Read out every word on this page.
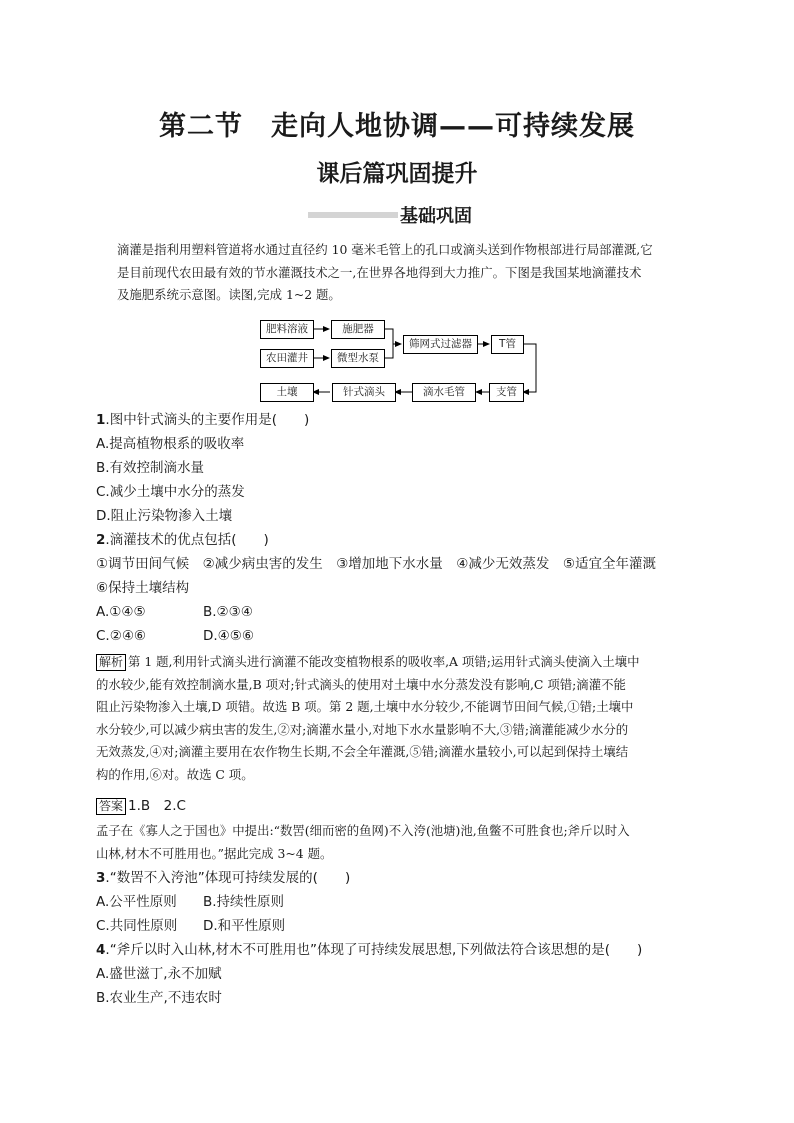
第二节　走向人地协调——可持续发展
课后篇巩固提升
基础巩固
滴灌是指利用塑料管道将水通过直径约 10 毫米毛管上的孔口或滴头送到作物根部进行局部灌溉,它
是目前现代农田最有效的节水灌溉技术之一,在世界各地得到大力推广。下图是我国某地滴灌技术
及施肥系统示意图。读图,完成 1~2 题。
肥料溶液	施肥器
农田灌井	微型水泵
筛网式过滤器	T管
支管
滴水毛管
针式滴头
土壤
1.图中针式滴头的主要作用是(　　)
A.提高植物根系的吸收率
B.有效控制滴水量
C.减少土壤中水分的蒸发
D.阻止污染物渗入土壤
2.滴灌技术的优点包括(　　)
①调节田间气候　②减少病虫害的发生　③增加地下水水量　④减少无效蒸发　⑤适宜全年灌溉
⑥保持土壤结构
A.①④⑤	B.②③④
C.②④⑥	D.④⑤⑥
解析 第 1 题,利用针式滴头进行滴灌不能改变植物根系的吸收率,A 项错;运用针式滴头使滴入土壤中
的水较少,能有效控制滴水量,B 项对;针式滴头的使用对土壤中水分蒸发没有影响,C 项错;滴灌不能
阻止污染物渗入土壤,D 项错。故选 B 项。第 2 题,土壤中水分较少,不能调节田间气候,①错;土壤中
水分较少,可以减少病虫害的发生,②对;滴灌水量小,对地下水水量影响不大,③错;滴灌能减少水分的
无效蒸发,④对;滴灌主要用在农作物生长期,不会全年灌溉,⑤错;滴灌水量较小,可以起到保持土壤结
构的作用,⑥对。故选 C 项。
答案 1.B　2.C
孟子在《寡人之于国也》中提出:“数罟(细而密的鱼网)不入洿(池塘)池,鱼鳖不可胜食也;斧斤以时入
山林,材木不可胜用也。”据此完成 3~4 题。
3.“数罟不入洿池”体现可持续发展的(　　)
A.公平性原则 B.持续性原则
C.共同性原则 D.和平性原则
4.“斧斤以时入山林,材木不可胜用也”体现了可持续发展思想,下列做法符合该思想的是(　　)
A.盛世滋丁,永不加赋
B.农业生产,不违农时
